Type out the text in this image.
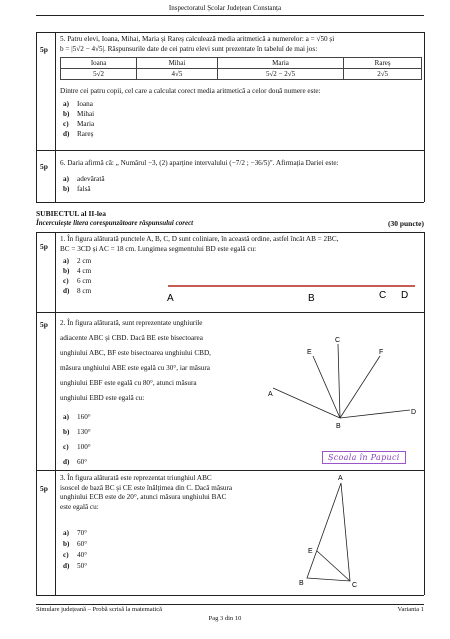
Inspectoratul Școlar Județean Constanța
5p
5. Patru elevi, Ioana, Mihai, Maria și Rareș calculează media aritmetică a numerelor: a = √50 și
b = |5√2 − 4√5|. Răspunsurile date de cei patru elevi sunt prezentate în tabelul de mai jos:
Ioana	Mihai	Maria	Rareș
5√2	4√5	5√2 − 2√5	2√5
Dintre cei patru copii, cel care a calculat corect media aritmetică a celor două numere este:
a) Ioana
b) Mihai
c) Maria
d) Rareș
5p 6. Daria afirmă că: „ Numărul −3, (2) aparține intervalului (−7/2 ; −36/5)". Afirmația Dariei este:
a) adevărată
b) falsă
SUBIECTUL al II-lea
Încercuiește litera corespunzătoare răspunsului corect	(30 puncte)
5p
1. În figura alăturată punctele A, B, C, D sunt coliniare, în această ordine, astfel încât AB = 2BC,
BC = 3CD și AC = 18 cm. Lungimea segmentului BD este egală cu:
a) 2 cm
b) 4 cm
c) 6 cm
d) 8 cm
A	B	C D
5p 2. În figura alăturată, sunt reprezentate unghiurile
adiacente ABC și CBD. Dacă BE este bisectoarea
unghiului ABC, BF este bisectoarea unghiului CBD,
măsura unghiului ABE este egală cu 30°, iar măsura
unghiului EBF este egală cu 80°, atunci măsura
unghiului EBD este egală cu:
a) 160°
b) 130°
c) 100°
d) 60°
A
B
C
D
E	F
Școala în Papuci
5p
3. În figura alăturată este reprezentat triunghiul ABC
isoscel de bază BC și CE este înălțimea din C. Dacă măsura
unghiului ECB este de 20°, atunci măsura unghiului BAC
este egală cu:
a) 70°
b) 60°
c) 40°
d) 50°
A
B	C
E
Simulare județeană – Probă scrisă la matematică	Varianta 1
Pag 3 din 10
